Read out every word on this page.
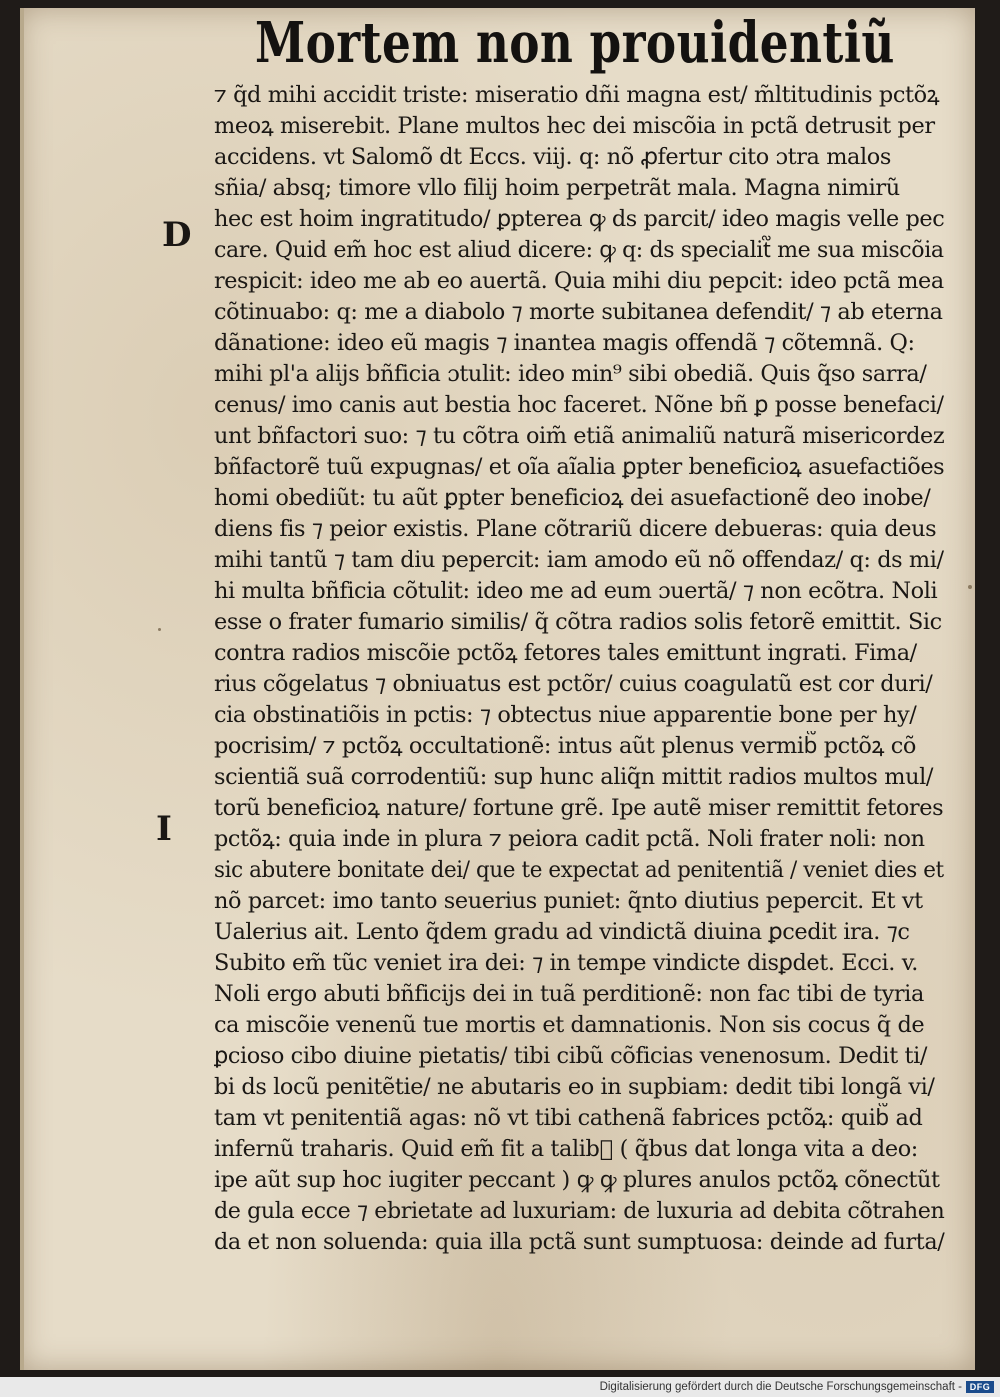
Mortem non prouidentiũ
D
I
⁊ q̃d mihi accidit triste: miseratio dñi magna est/ m̃ltitudinis pctõꝝ
meoꝝ miserebit. Plane multos hec dei miscõia in pctã detrusit per
accidens. vt Salomõ dt Eccs. viij. q: nõ ꝓfertur cito ɔtra malos
sñia/ absq; timore vllo filij hoim perpetrãt mala. Magna nimirũ
hec est hoim ingratitudo/ ꝑpterea ꝙ ds parcit/ ideo magis velle pec
care. Quid em̃ hoc est aliud dicere: ꝙ q: ds specialit᷑ me sua miscõia
respicit: ideo me ab eo auertã. Quia mihi diu pepcit: ideo pctã mea
cõtinuabo: q: me a diabolo ⁊ morte subitanea defendit/ ⁊ ab eterna
dãnatione: ideo eũ magis ⁊ inantea magis offendã ⁊ cõtemnã. Q:
mihi pl'a alijs bñficia ɔtulit: ideo min⁹ sibi obediã. Quis q̃so sarra/
cenus/ imo canis aut bestia hoc faceret. Nõne bñ ꝑ posse benefaci/
unt bñfactori suo: ⁊ tu cõtra oim̃ etiã animaliũ naturã misericordez
bñfactorẽ tuũ expugnas/ et oĩa aĩalia ꝑpter beneficioꝝ asuefactiões
homi obediũt: tu aũt ꝑpter beneficioꝝ dei asuefactionẽ deo inobe/
diens fis ⁊ peior existis. Plane cõtrariũ dicere debueras: quia deus
mihi tantũ ⁊ tam diu pepercit: iam amodo eũ nõ offendaz/ q: ds mi/
hi multa bñficia cõtulit: ideo me ad eum ɔuertã/ ⁊ non ecõtra. Noli
esse o frater fumario similis/ q̃ cõtra radios solis fetorẽ emittit. Sic
contra radios miscõie pctõꝝ fetores tales emittunt ingrati. Fima/
rius cõgelatus ⁊ obniuatus est pctõr/ cuius coagulatũ est cor duri/
cia obstinatiõis in pctis: ⁊ obtectus niue apparentie bone per hy/
pocrisim/ ⁊ pctõꝝ occultationẽ: intus aũt plenus vermib᷑ pctõꝝ cõ
scientiã suã corrodentiũ: sup hunc aliq̃n mittit radios multos mul/
torũ beneficioꝝ nature/ fortune grẽ. Ipe autẽ miser remittit fetores
pctõꝝ: quia inde in plura ⁊ peiora cadit pctã. Noli frater noli: non
sic abutere bonitate dei/ que te expectat ad penitentiã / veniet dies et
nõ parcet: imo tanto seuerius puniet: q̃nto diutius pepercit. Et vt
Ualerius ait. Lento q̃dem gradu ad vindictã diuina ꝑcedit ira. ⁊c
Subito em̃ tũc veniet ira dei: ⁊ in tempe vindicte disꝑdet. Ecci. v.
Noli ergo abuti bñficijs dei in tuã perditionẽ: non fac tibi de tyria
ca miscõie venenũ tue mortis et damnationis. Non sis cocus q̃ de
ꝑcioso cibo diuine pietatis/ tibi cibũ cõficias venenosum. Dedit ti/
bi ds locũ penitẽtie/ ne abutaris eo in supbiam: dedit tibi longã vi/
tam vt penitentiã agas: nõ vt tibi cathenã fabrices pctõꝝ: quib᷑ ad
infernũ traharis. Quid em̃ fit a talib᷑ ( q̃bus dat longa vita a deo:
ipe aũt sup hoc iugiter peccant ) ꝙ ꝙ plures anulos pctõꝝ cõnectũt
de gula ecce ⁊ ebrietate ad luxuriam: de luxuria ad debita cõtrahen
da et non soluenda: quia illa pctã sunt sumptuosa: deinde ad furta/
Digitalisierung gefördert durch die Deutsche Forschungsgemeinschaft - DFG
